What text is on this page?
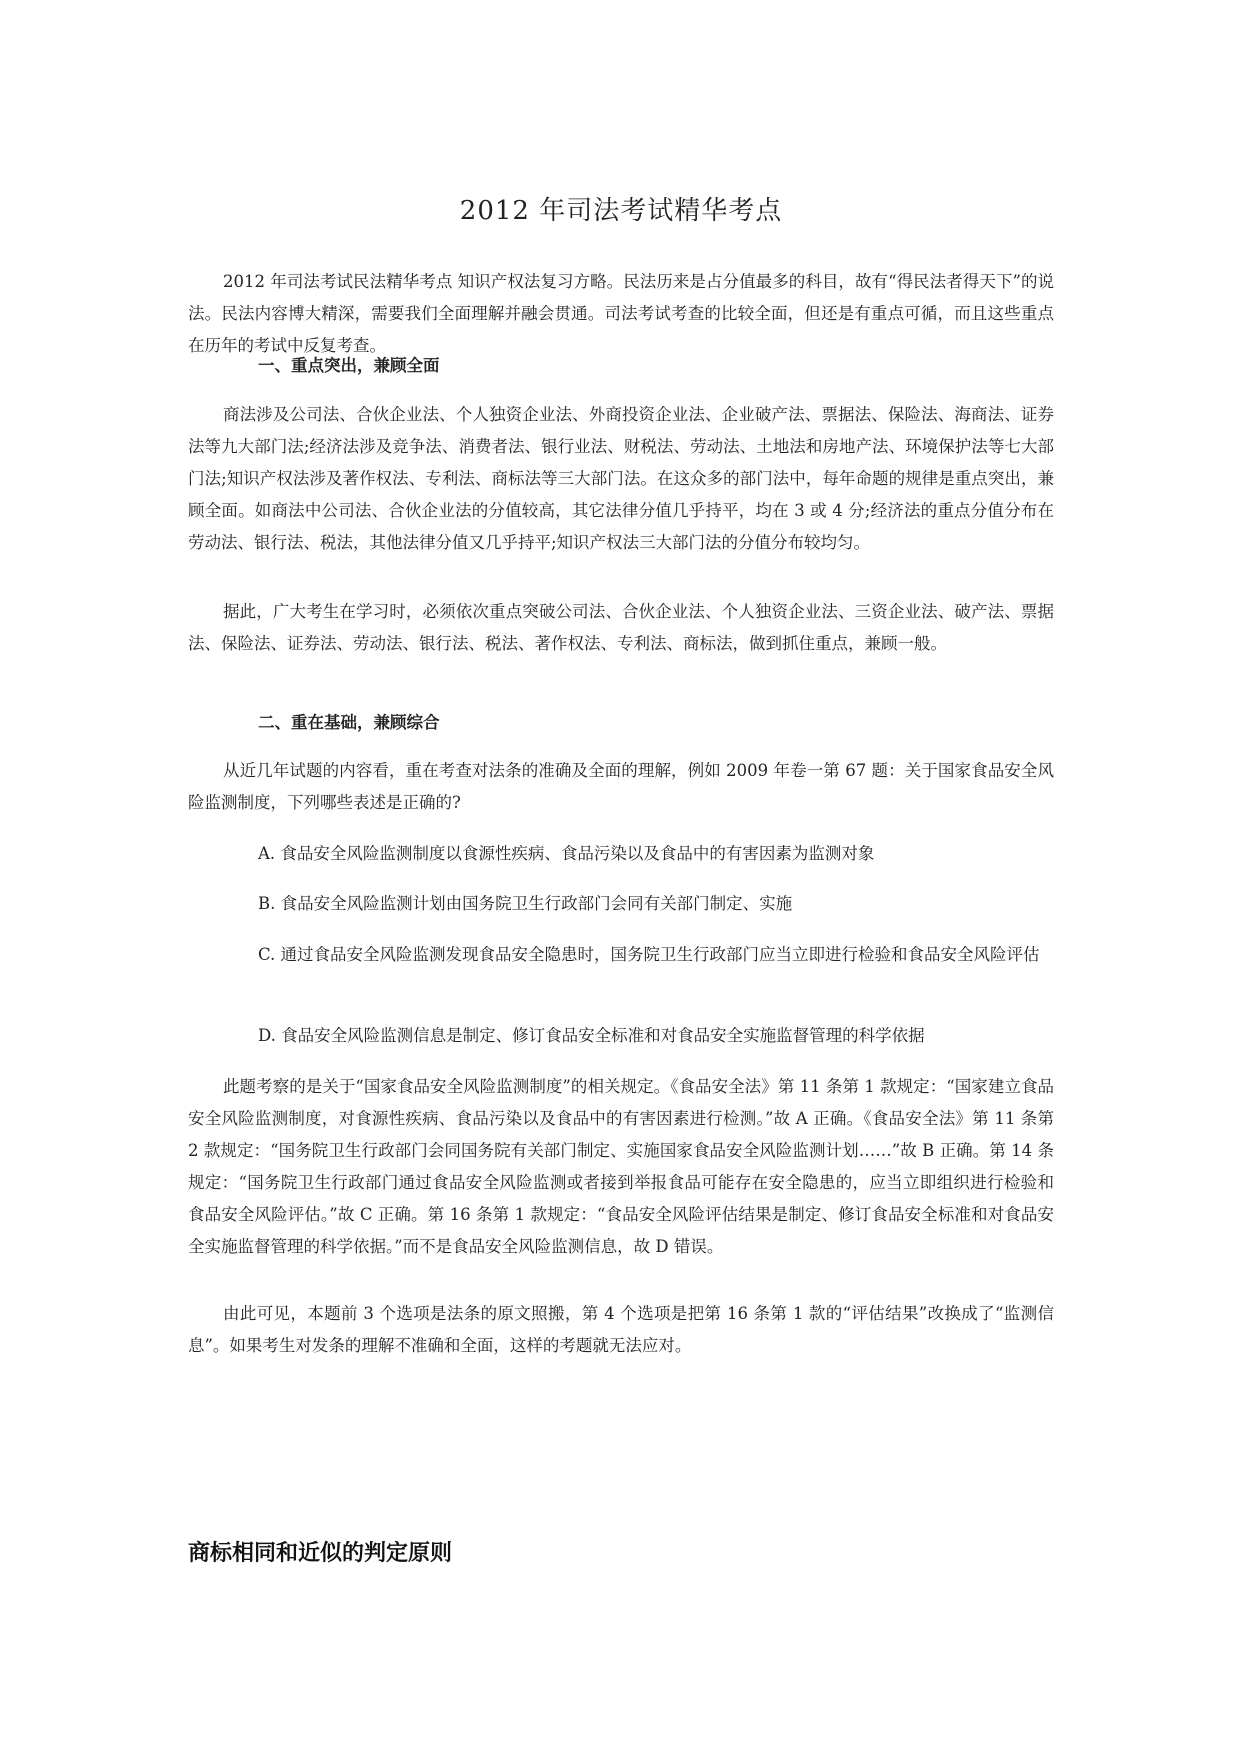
2012 年司法考试精华考点

2012 年司法考试民法精华考点 知识产权法复习方略。民法历来是占分值最多的科目，故有“得民法者得天下”的说法。民法内容博大精深，需要我们全面理解并融会贯通。司法考试考查的比较全面，但还是有重点可循，而且这些重点在历年的考试中反复考查。

一、重点突出，兼顾全面

商法涉及公司法、合伙企业法、个人独资企业法、外商投资企业法、企业破产法、票据法、保险法、海商法、证券法等九大部门法;经济法涉及竞争法、消费者法、银行业法、财税法、劳动法、土地法和房地产法、环境保护法等七大部门法;知识产权法涉及著作权法、专利法、商标法等三大部门法。在这众多的部门法中，每年命题的规律是重点突出，兼顾全面。如商法中公司法、合伙企业法的分值较高，其它法律分值几乎持平，均在 3 或 4 分;经济法的重点分值分布在劳动法、银行法、税法，其他法律分值又几乎持平;知识产权法三大部门法的分值分布较均匀。

据此，广大考生在学习时，必须依次重点突破公司法、合伙企业法、个人独资企业法、三资企业法、破产法、票据法、保险法、证券法、劳动法、银行法、税法、著作权法、专利法、商标法，做到抓住重点，兼顾一般。

二、重在基础，兼顾综合

从近几年试题的内容看，重在考查对法条的准确及全面的理解，例如 2009 年卷一第 67 题：关于国家食品安全风险监测制度，下列哪些表述是正确的?

A. 食品安全风险监测制度以食源性疾病、食品污染以及食品中的有害因素为监测对象

B. 食品安全风险监测计划由国务院卫生行政部门会同有关部门制定、实施

C. 通过食品安全风险监测发现食品安全隐患时，国务院卫生行政部门应当立即进行检验和食品安全风险评估

D. 食品安全风险监测信息是制定、修订食品安全标准和对食品安全实施监督管理的科学依据

此题考察的是关于“国家食品安全风险监测制度”的相关规定。《食品安全法》第 11 条第 1 款规定：“国家建立食品安全风险监测制度，对食源性疾病、食品污染以及食品中的有害因素进行检测。”故 A 正确。《食品安全法》第 11 条第 2 款规定：“国务院卫生行政部门会同国务院有关部门制定、实施国家食品安全风险监测计划……”故 B 正确。第 14 条规定：“国务院卫生行政部门通过食品安全风险监测或者接到举报食品可能存在安全隐患的，应当立即组织进行检验和食品安全风险评估。”故 C 正确。第 16 条第 1 款规定：“食品安全风险评估结果是制定、修订食品安全标准和对食品安全实施监督管理的科学依据。”而不是食品安全风险监测信息，故 D 错误。

由此可见，本题前 3 个选项是法条的原文照搬，第 4 个选项是把第 16 条第 1 款的“评估结果”改换成了“监测信息”。如果考生对发条的理解不准确和全面，这样的考题就无法应对。

商标相同和近似的判定原则
